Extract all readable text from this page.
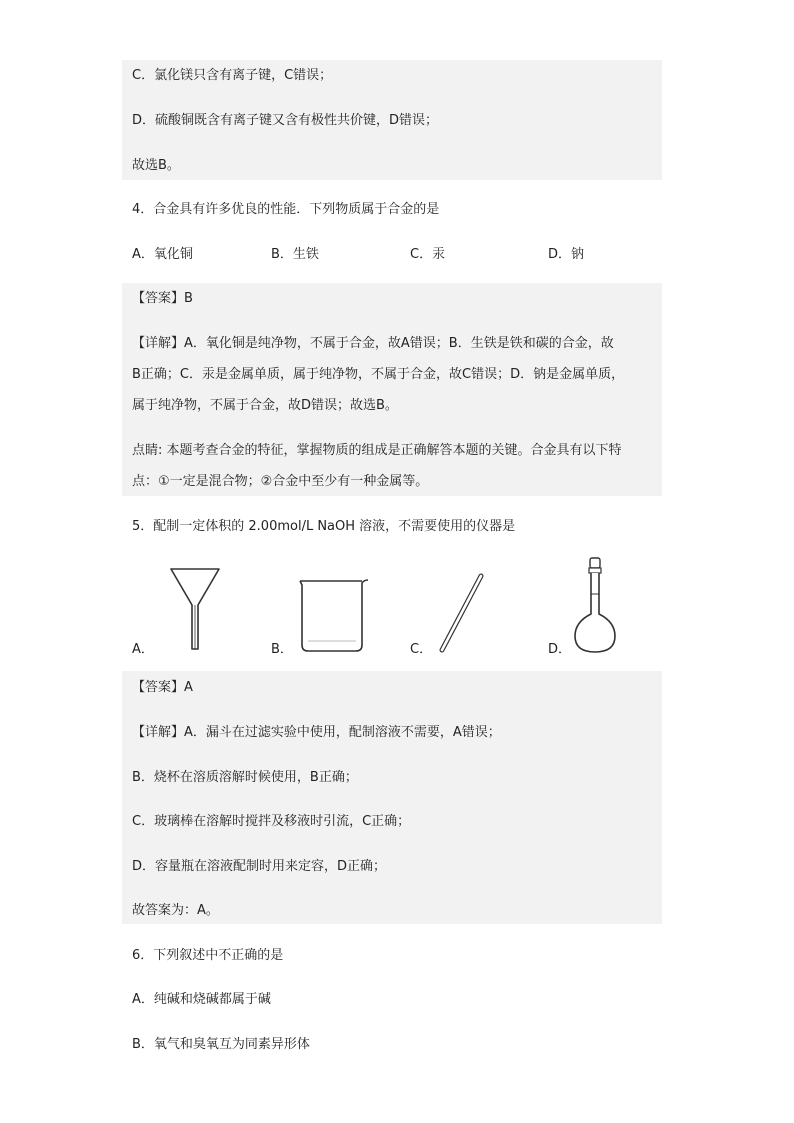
C．氯化镁只含有离子键，C错误；
D．硫酸铜既含有离子键又含有极性共价键，D错误；
故选B。
4．合金具有许多优良的性能．下列物质属于合金的是
A．氧化铜	B．生铁	C．汞	D．钠
【答案】B
【详解】A．氧化铜是纯净物，不属于合金，故A错误；B．生铁是铁和碳的合金，故
B正确；C．汞是金属单质，属于纯净物，不属于合金，故C错误；D．钠是金属单质，
属于纯净物，不属于合金，故D错误；故选B。
点睛: 本题考查合金的特征，掌握物质的组成是正确解答本题的关键。合金具有以下特
点：①一定是混合物；②合金中至少有一种金属等。
5．配制一定体积的 2.00mol/L NaOH 溶液，不需要使用的仪器是
A．	B．	C．	D．
【答案】A
【详解】A．漏斗在过滤实验中使用，配制溶液不需要，A错误；
B．烧杯在溶质溶解时候使用，B正确；
C．玻璃棒在溶解时搅拌及移液时引流，C正确；
D．容量瓶在溶液配制时用来定容，D正确；
故答案为：A。
6．下列叙述中不正确的是
A．纯碱和烧碱都属于碱
B．氧气和臭氧互为同素异形体
